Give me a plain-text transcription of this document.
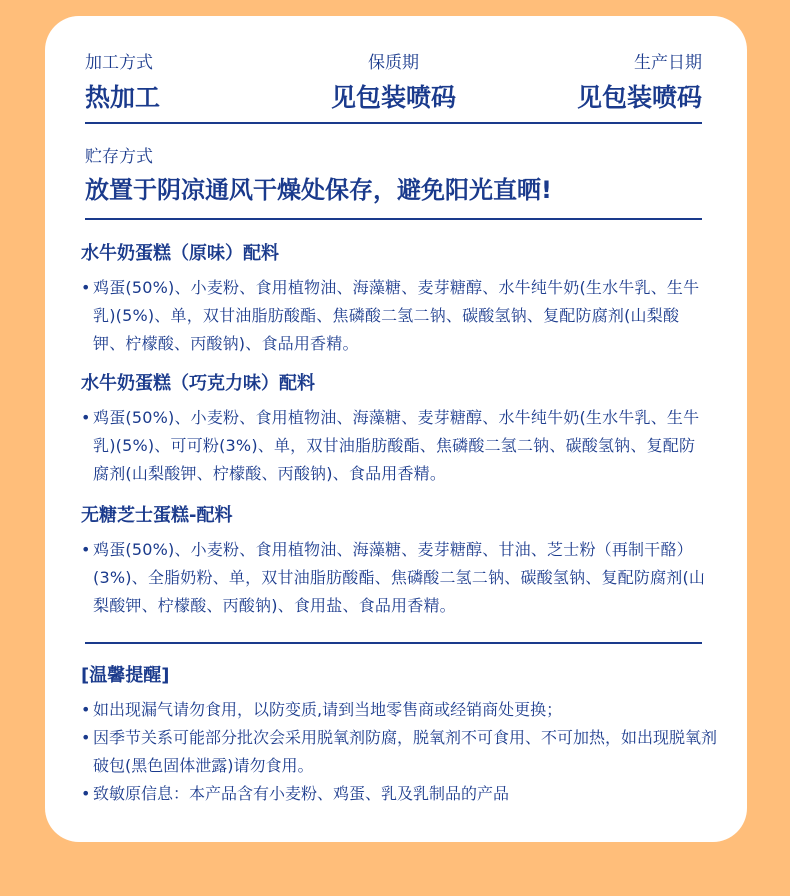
加工方式
热加工
保质期
见包装喷码
生产日期
见包装喷码
贮存方式
放置于阴凉通风干燥处保存，避免阳光直晒!
水牛奶蛋糕（原味）配料
• 鸡蛋(50%)、小麦粉、食用植物油、海藻糖、麦芽糖醇、水牛纯牛奶(生水牛乳、生牛乳)(5%)、单，双甘油脂肪酸酯、焦磷酸二氢二钠、碳酸氢钠、复配防腐剂(山梨酸钾、柠檬酸、丙酸钠)、食品用香精。
水牛奶蛋糕（巧克力味）配料
• 鸡蛋(50%)、小麦粉、食用植物油、海藻糖、麦芽糖醇、水牛纯牛奶(生水牛乳、生牛乳)(5%)、可可粉(3%)、单，双甘油脂肪酸酯、焦磷酸二氢二钠、碳酸氢钠、复配防腐剂(山梨酸钾、柠檬酸、丙酸钠)、食品用香精。
无糖芝士蛋糕-配料
• 鸡蛋(50%)、小麦粉、食用植物油、海藻糖、麦芽糖醇、甘油、芝士粉（再制干酪）(3%)、全脂奶粉、单，双甘油脂肪酸酯、焦磷酸二氢二钠、碳酸氢钠、复配防腐剂(山梨酸钾、柠檬酸、丙酸钠)、食用盐、食品用香精。
[温馨提醒]
• 如出现漏气请勿食用，以防变质,请到当地零售商或经销商处更换；
• 因季节关系可能部分批次会采用脱氧剂防腐，脱氧剂不可食用、不可加热，如出现脱氧剂破包(黑色固体泄露)请勿食用。
• 致敏原信息：本产品含有小麦粉、鸡蛋、乳及乳制品的产品
